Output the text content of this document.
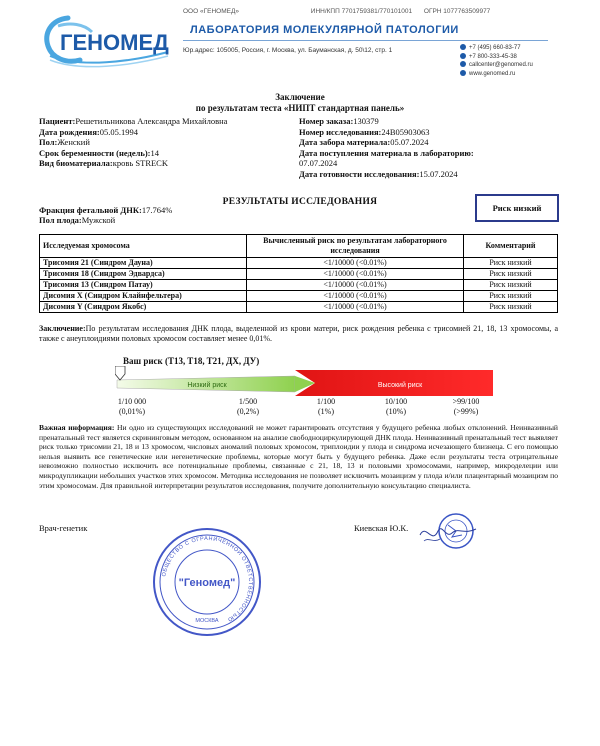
ГЕНОМЕД
ООО «ГЕНОМЕД»	ИНН/КПП 7701759381/770101001 ОГРН 1077763509977
ЛАБОРАТОРИЯ МОЛЕКУЛЯРНОЙ ПАТОЛОГИИ
Юр.адрес: 105005, Россия, г. Москва, ул. Бауманская, д. 50\12, стр. 1	+7 (495) 660-83-77
+7 800-333-45-38
callcenter@genomed.ru
www.genomed.ru
Заключение
по результатам теста «НИПТ стандартная панель»
Пациент:Решетильникова Александра Михайловна
Дата рождения:05.05.1994
Пол:Женский
Срок беременности (недель):14
Вид биоматериала:кровь STRECK
Номер заказа:130379
Номер исследования:24B05903063
Дата забора материала:05.07.2024
Дата поступления материала в лабораторию:
07.07.2024
Дата готовности исследования:15.07.2024
РЕЗУЛЬТАТЫ ИССЛЕДОВАНИЯ
Риск низкий
Фракция фетальной ДНК:17.764%
Пол плода:Мужской
Исследуемая хромосома	Вычисленный риск по результатам лабораторного исследования	Комментарий
Трисомия 21 (Синдром Дауна)	<1/10000 (<0.01%)	Риск низкий
Трисомия 18 (Синдром Эдвардса)	<1/10000 (<0.01%)	Риск низкий
Трисомия 13 (Синдром Патау)	<1/10000 (<0.01%)	Риск низкий
Дисомия X (Синдром Клайнфельтера)	<1/10000 (<0.01%)	Риск низкий
Дисомия Y (Синдром Якобс)	<1/10000 (<0.01%)	Риск низкий
Заключение:По результатам исследования ДНК плода, выделенной из крови матери, риск рождения ребенка с трисомией 21, 18, 13 хромосомы, а также с анеуплоидиями половых хромосом составляет менее 0,01%.
Ваш риск (T13, T18, T21, ДХ, ДУ)
Низкий риск	Высокий риск
1/10 000
(0,01%)
1/500
(0,2%)
1/100
(1%)
10/100
(10%)
>99/100
(>99%)
Важная информация: Ни одно из существующих исследований не может гарантировать отсутствия у будущего ребенка любых отклонений. Неинвазивный пренатальный тест является скрининговым методом, основанном на анализе свободноциркулирующей ДНК плода. Неинвазивный пренатальный тест выявляет риск только трисомии 21, 18 и 13 хромосом, числовых аномалий половых хромосом, триплоидии у плода и синдрома исчезающего близнеца. С его помощью нельзя выявить все генетические или негенетические проблемы, которые могут быть у будущего ребенка. Даже если результаты теста отрицательные невозможно полностью исключить все потенциальные проблемы, связанные с 21, 18, 13 и половыми хромосомами, например, микроделеции или микродупликации небольших участков этих хромосом. Методика исследования не позволяет исключить мозаицизм у плода и/или плацентарный мозаицизм по этим хромосомам. Для правильной интерпретации результатов исследования, получите дополнительную консультацию специалиста.
Врач-генетик	Киевская Ю.К.
ОБЩЕСТВО С ОГРАНИЧЕННОЙ ОТВЕТСТВЕННОСТЬЮ
"Геномед"
МОСКВА
